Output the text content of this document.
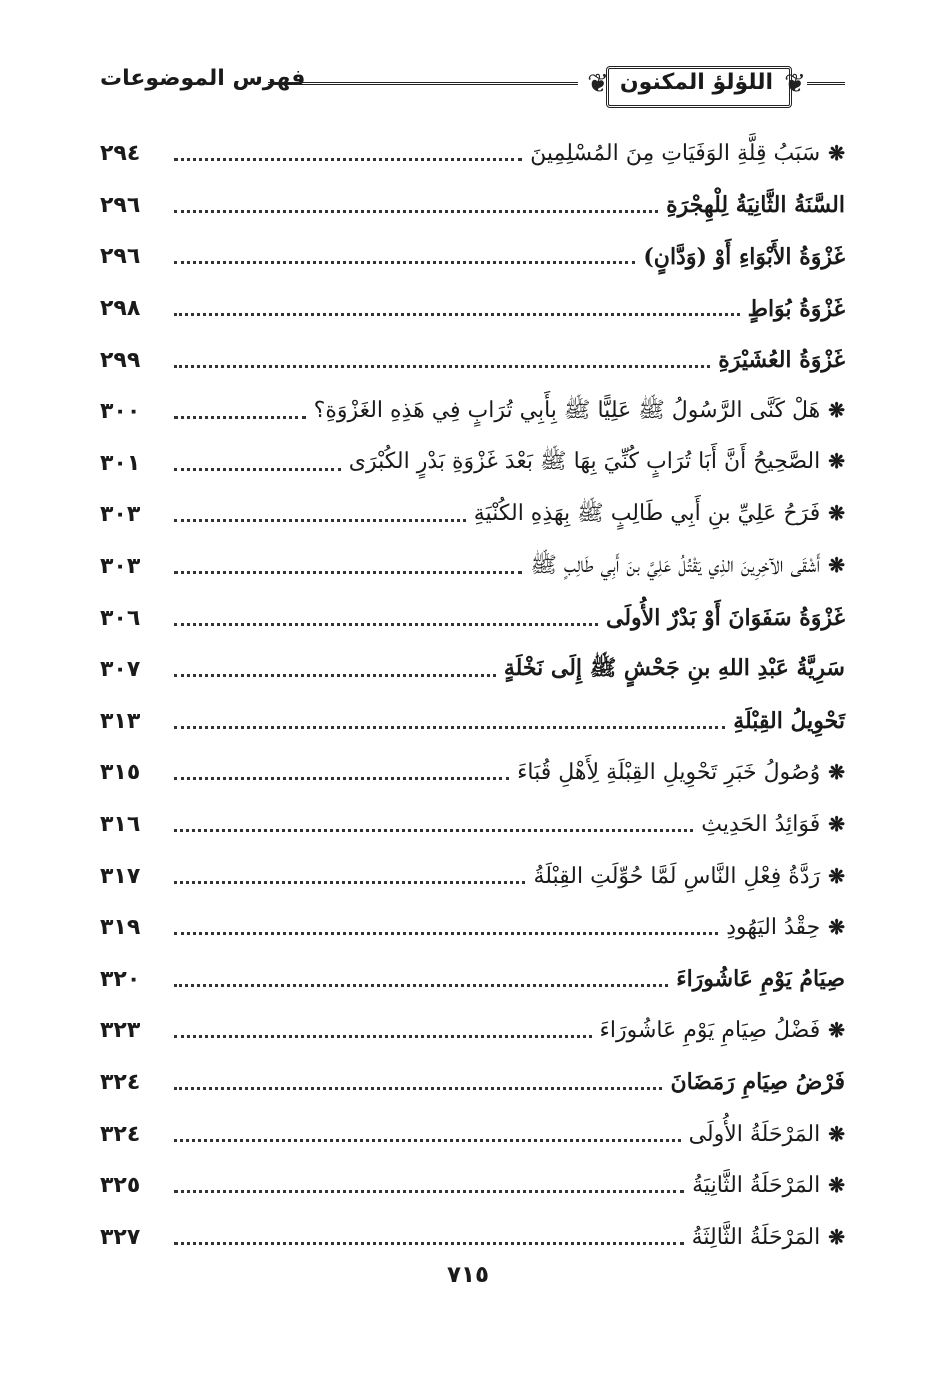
فهرس الموضوعات	❦	❦
اللؤلؤ المكنون
❋سَبَبُ قِلَّةِ الوَفَيَاتِ مِنَ المُسْلِمِينَ
٢٩٤
السَّنَةُ الثَّانِيَةُ لِلْهِجْرَةِ
٢٩٦
غَزْوَةُ الأَبْوَاءِ أَوْ (وَدَّانٍ)
٢٩٦
غَزْوَةُ بُوَاطٍ
٢٩٨
غَزْوَةُ العُشَيْرَةِ
٢٩٩
❋هَلْ كَنَّى الرَّسُولُ ﷺ عَلِيًّا ﷺ بِأَبِي تُرَابٍ فِي هَذِهِ الغَزْوَةِ؟
٣٠٠
❋الصَّحِيحُ أَنَّ أَبَا تُرَابٍ كُنِّيَ بِهَا ﷺ بَعْدَ غَزْوَةِ بَدْرٍ الكُبْرَى
٣٠١
❋فَرَحُ عَلِيِّ بنِ أَبِي طَالِبٍ ﷺ بِهَذِهِ الكُنْيَةِ
٣٠٣
❋أَشْقَى الآخِرِينَ الذِي يَقْتُلُ عَلِيَّ بنَ أَبِي طَالِبٍ ﷺ
٣٠٣
غَزْوَةُ سَفَوَانَ أَوْ بَدْرٌ الأُولَى
٣٠٦
سَرِيَّةُ عَبْدِ اللهِ بنِ جَحْشٍ ﷺ إِلَى نَخْلَةٍ
٣٠٧
تَحْوِيلُ القِبْلَةِ
٣١٣
❋وُصُولُ خَبَرِ تَحْوِيلِ القِبْلَةِ لِأَهْلِ قُبَاءَ
٣١٥
❋فَوَائِدُ الحَدِيثِ
٣١٦
❋رَدَّةُ فِعْلِ النَّاسِ لَمَّا حُوِّلَتِ القِبْلَةُ
٣١٧
❋حِقْدُ اليَهُودِ
٣١٩
صِيَامُ يَوْمِ عَاشُورَاءَ
٣٢٠
❋فَضْلُ صِيَامِ يَوْمِ عَاشُورَاءَ
٣٢٣
فَرْضُ صِيَامِ رَمَضَانَ
٣٢٤
❋المَرْحَلَةُ الأُولَى
٣٢٤
❋المَرْحَلَةُ الثَّانِيَةُ
٣٢٥
❋المَرْحَلَةُ الثَّالِثَةُ
٣٢٧
٧١٥
